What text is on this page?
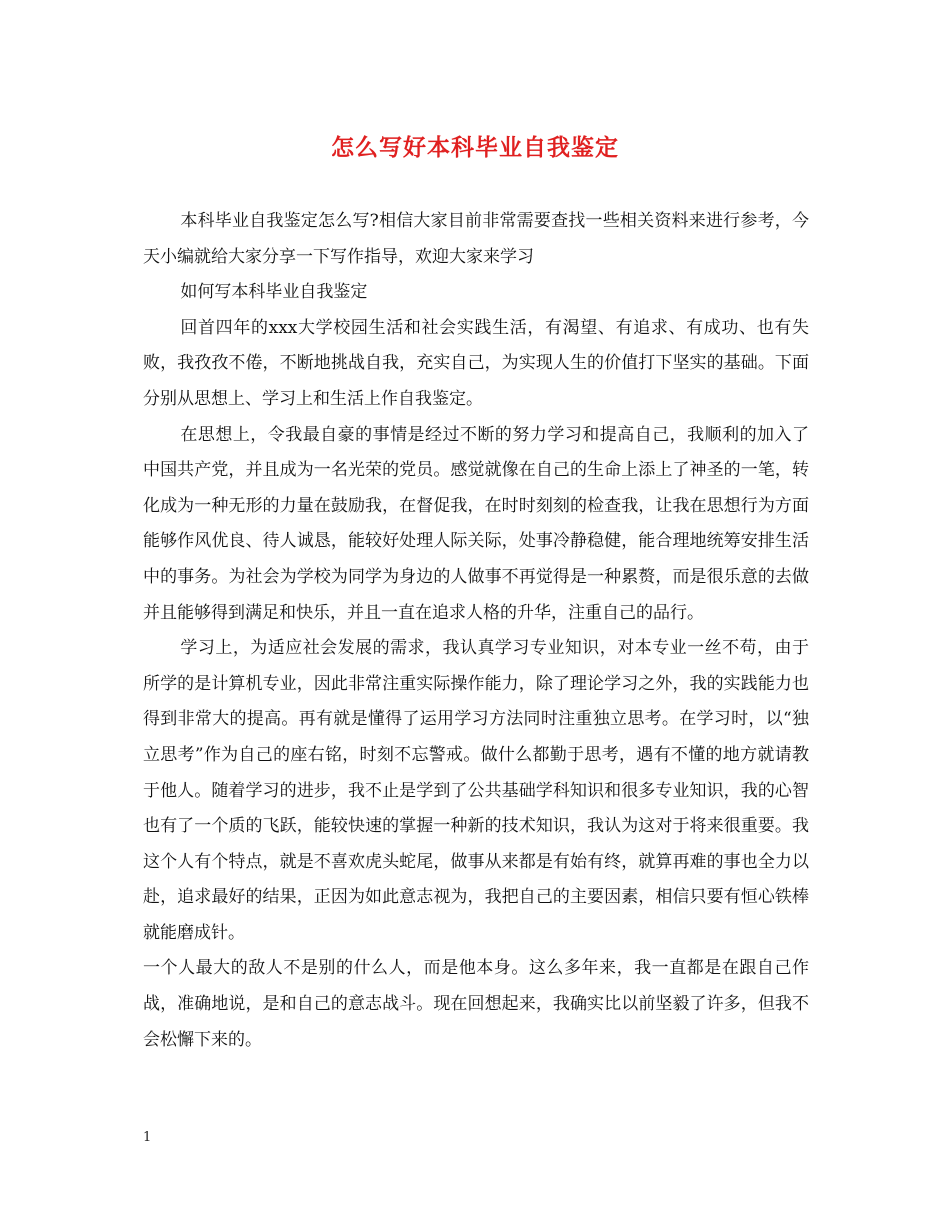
怎么写好本科毕业自我鉴定

本科毕业自我鉴定怎么写?相信大家目前非常需要查找一些相关资料来进行参考，今天小编就给大家分享一下写作指导，欢迎大家来学习

如何写本科毕业自我鉴定

回首四年的xxx大学校园生活和社会实践生活，有渴望、有追求、有成功、也有失败，我孜孜不倦，不断地挑战自我，充实自己，为实现人生的价值打下坚实的基础。下面分别从思想上、学习上和生活上作自我鉴定。

在思想上，令我最自豪的事情是经过不断的努力学习和提高自己，我顺利的加入了中国共产党，并且成为一名光荣的党员。感觉就像在自己的生命上添上了神圣的一笔，转化成为一种无形的力量在鼓励我，在督促我，在时时刻刻的检查我，让我在思想行为方面能够作风优良、待人诚恳，能较好处理人际关际，处事冷静稳健，能合理地统筹安排生活中的事务。为社会为学校为同学为身边的人做事不再觉得是一种累赘，而是很乐意的去做并且能够得到满足和快乐，并且一直在追求人格的升华，注重自己的品行。

学习上，为适应社会发展的需求，我认真学习专业知识，对本专业一丝不苟，由于所学的是计算机专业，因此非常注重实际操作能力，除了理论学习之外，我的实践能力也得到非常大的提高。再有就是懂得了运用学习方法同时注重独立思考。在学习时，以“独立思考”作为自己的座右铭，时刻不忘警戒。做什么都勤于思考，遇有不懂的地方就请教于他人。随着学习的进步，我不止是学到了公共基础学科知识和很多专业知识，我的心智也有了一个质的飞跃，能较快速的掌握一种新的技术知识，我认为这对于将来很重要。我这个人有个特点，就是不喜欢虎头蛇尾，做事从来都是有始有终，就算再难的事也全力以赴，追求最好的结果，正因为如此意志视为，我把自己的主要因素，相信只要有恒心铁棒就能磨成针。

一个人最大的敌人不是别的什么人，而是他本身。这么多年来，我一直都是在跟自己作战，准确地说，是和自己的意志战斗。现在回想起来，我确实比以前坚毅了许多，但我不会松懈下来的。

1
